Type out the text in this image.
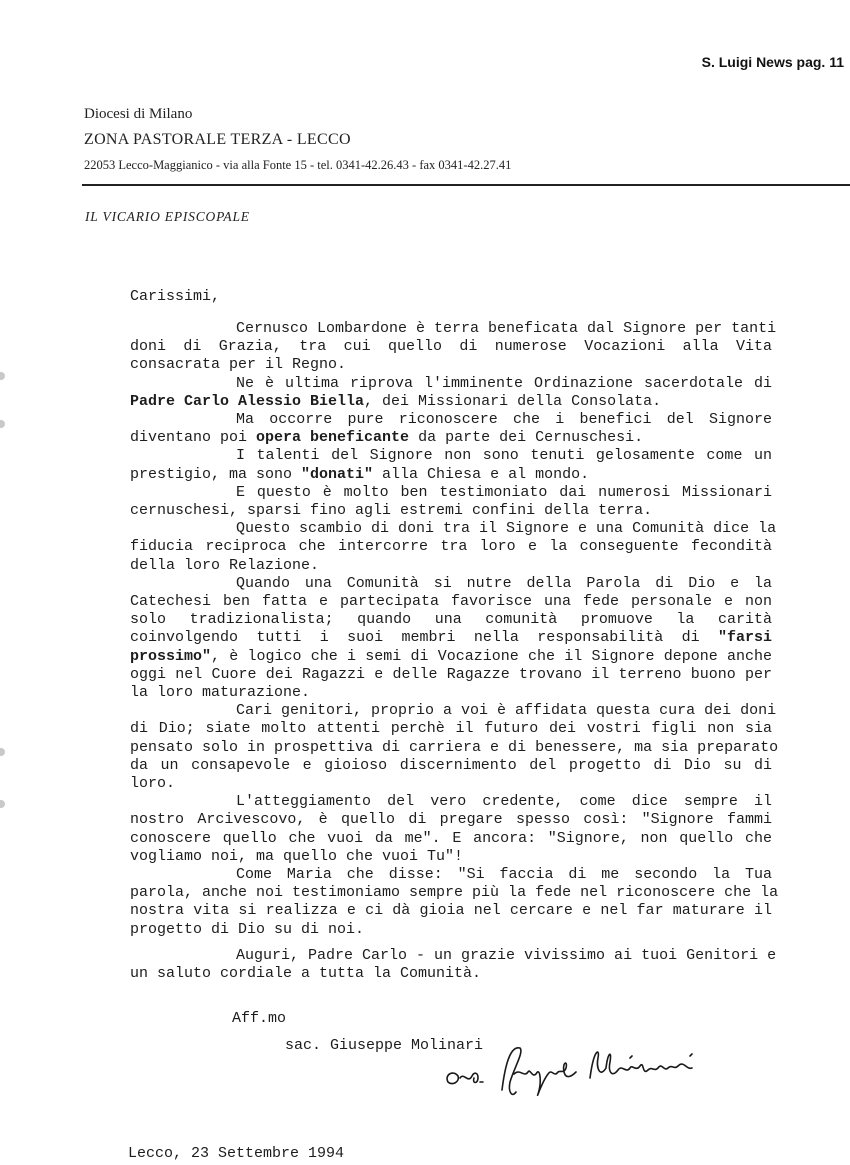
S. Luigi News pag. 11
Diocesi di Milano
ZONA PASTORALE TERZA - LECCO
22053 Lecco-Maggianico - via alla Fonte 15 - tel. 0341-42.26.43 - fax 0341-42.27.41
IL VICARIO EPISCOPALE
Carissimi,
Cernusco Lombardone è terra beneficata dal Signore per tanti
doni di Grazia, tra cui quello di numerose Vocazioni alla Vita
consacrata per il Regno.
Ne è ultima riprova l'imminente Ordinazione sacerdotale di
Padre Carlo Alessio Biella, dei Missionari della Consolata.
Ma occorre pure riconoscere che i benefici del Signore
diventano poi opera beneficante da parte dei Cernuschesi.
I talenti del Signore non sono tenuti gelosamente come un
prestigio, ma sono "donati" alla Chiesa e al mondo.
E questo è molto ben testimoniato dai numerosi Missionari
cernuschesi, sparsi fino agli estremi confini della terra.
Questo scambio di doni tra il Signore e una Comunità dice la
fiducia reciproca che intercorre tra loro e la conseguente fecondità
della loro Relazione.
Quando una Comunità si nutre della Parola di Dio e la
Catechesi ben fatta e partecipata favorisce una fede personale e non
solo tradizionalista; quando una comunità promuove la carità
coinvolgendo tutti i suoi membri nella responsabilità di "farsi
prossimo", è logico che i semi di Vocazione che il Signore depone anche
oggi nel Cuore dei Ragazzi e delle Ragazze trovano il terreno buono per
la loro maturazione.
Cari genitori, proprio a voi è affidata questa cura dei doni
di Dio; siate molto attenti perchè il futuro dei vostri figli non sia
pensato solo in prospettiva di carriera e di benessere, ma sia preparato
da un consapevole e gioioso discernimento del progetto di Dio su di
loro.
L'atteggiamento del vero credente, come dice sempre il
nostro Arcivescovo, è quello di pregare spesso così: "Signore fammi
conoscere quello che vuoi da me". E ancora: "Signore, non quello che
vogliamo noi, ma quello che vuoi Tu"!
Come Maria che disse: "Si faccia di me secondo la Tua
parola, anche noi testimoniamo sempre più la fede nel riconoscere che la
nostra vita si realizza e ci dà gioia nel cercare e nel far maturare il
progetto di Dio su di noi.
Auguri, Padre Carlo - un grazie vivissimo ai tuoi Genitori e
un saluto cordiale a tutta la Comunità.
Aff.mo
sac. Giuseppe Molinari
Lecco, 23 Settembre 1994
